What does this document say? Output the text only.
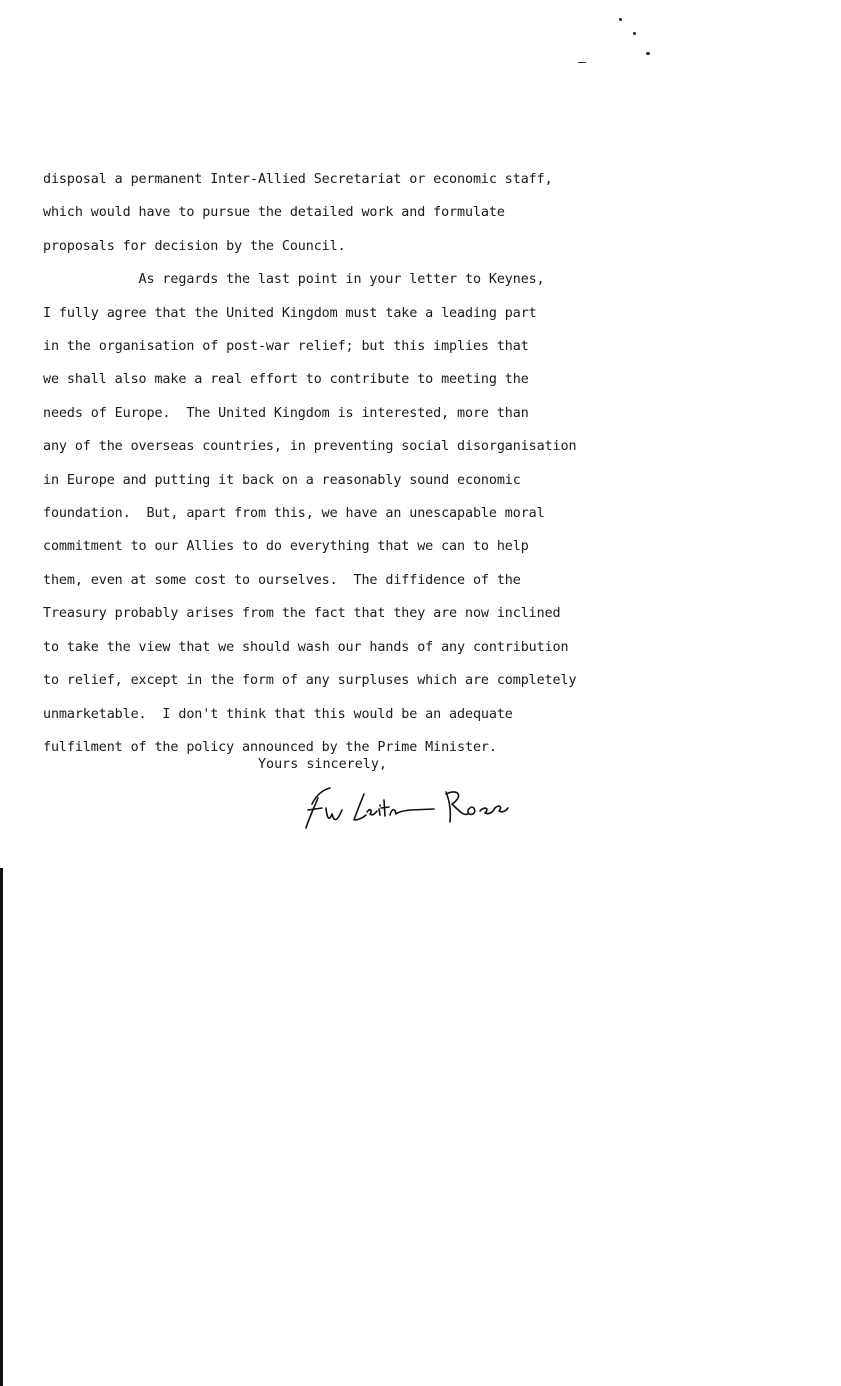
disposal a permanent Inter-Allied Secretariat or economic staff,
which would have to pursue the detailed work and formulate
proposals for decision by the Council.
As regards the last point in your letter to Keynes,
I fully agree that the United Kingdom must take a leading part
in the organisation of post-war relief; but this implies that
we shall also make a real effort to contribute to meeting the
needs of Europe.  The United Kingdom is interested, more than
any of the overseas countries, in preventing social disorganisation
in Europe and putting it back on a reasonably sound economic
foundation.  But, apart from this, we have an unescapable moral
commitment to our Allies to do everything that we can to help
them, even at some cost to ourselves.  The diffidence of the
Treasury probably arises from the fact that they are now inclined
to take the view that we should wash our hands of any contribution
to relief, except in the form of any surpluses which are completely
unmarketable.  I don't think that this would be an adequate
fulfilment of the policy announced by the Prime Minister.
Yours sincerely,
